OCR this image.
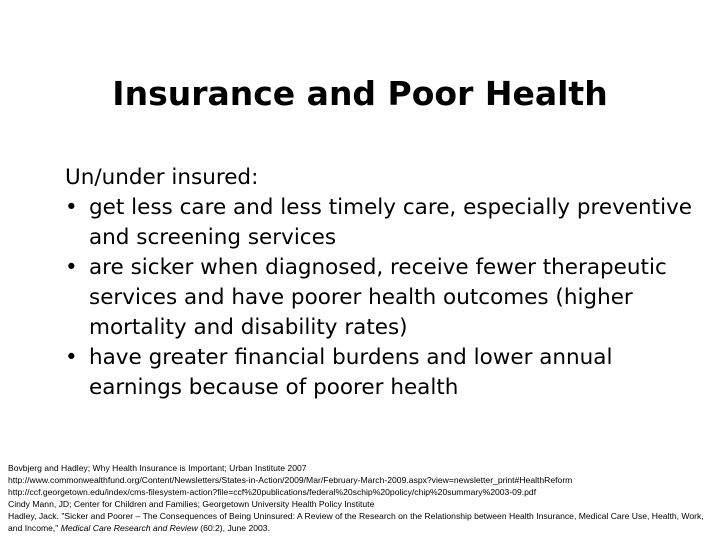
Insurance and Poor Health

Un/under insured:

• get less care and less timely care, especially preventive and screening services
• are sicker when diagnosed, receive fewer therapeutic services and have poorer health outcomes (higher mortality and disability rates)
• have greater financial burdens and lower annual earnings because of poorer health
Bovbjerg and Hadley; Why Health Insurance is Important; Urban Institute 2007
http://www.commonwealthfund.org/Content/Newsletters/States-in-Action/2009/Mar/February-March-2009.aspx?view=newsletter_print#HealthReform
http://ccf.georgetown.edu/index/cms-filesystem-action?file=ccf%20publications/federal%20schip%20policy/chip%20summary%2003-09.pdf
Cindy Mann, JD; Center for Children and Families; Georgetown University Health Policy Institute
Hadley, Jack. "Sicker and Poorer – The Consequences of Being Uninsured: A Review of the Research on the Relationship between Health Insurance, Medical Care Use, Health, Work, and Income," Medical Care Research and Review (60:2), June 2003.
